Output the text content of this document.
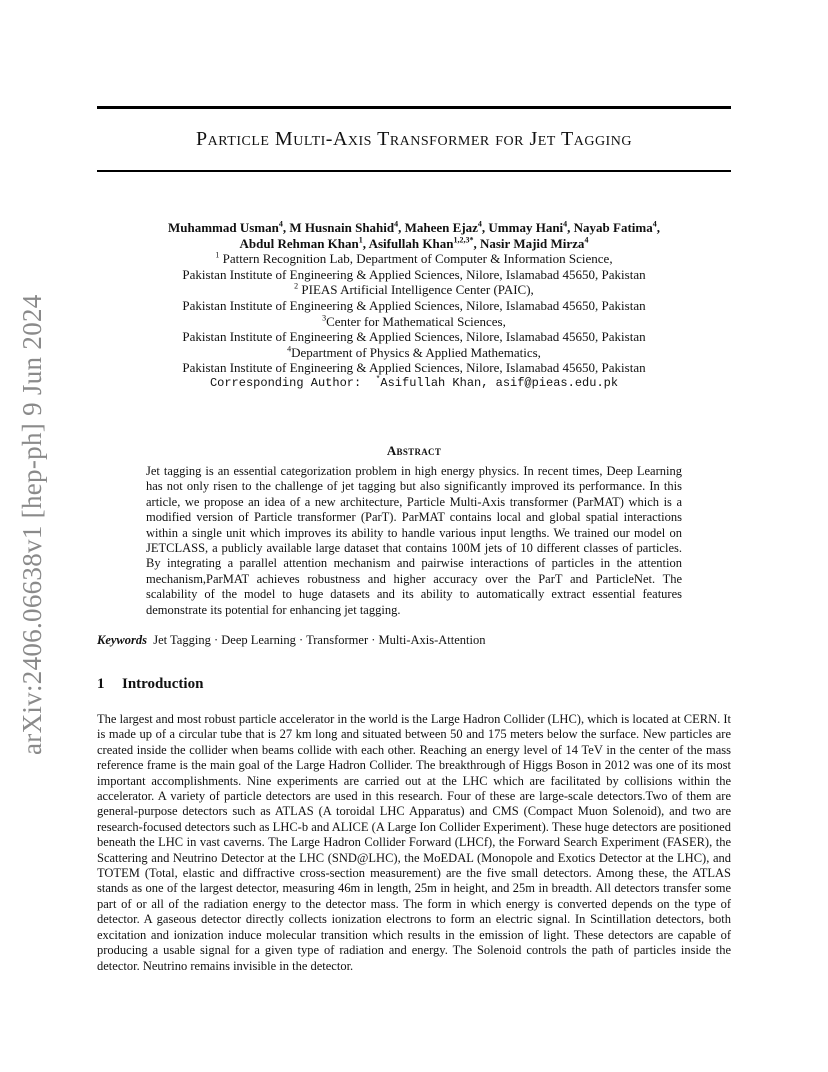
arXiv:2406.06638v1 [hep-ph] 9 Jun 2024
Particle Multi-Axis Transformer for Jet Tagging
Muhammad Usman$^4$, M Husnain Shahid$^4$, Maheen Ejaz$^4$, Ummay Hani$^4$, Nayab Fatima$^4$,
Abdul Rehman Khan$^1$, Asifullah Khan$^{1,2,3*}$, Nasir Majid Mirza$^4$
$^1$ Pattern Recognition Lab, Department of Computer & Information Science,
Pakistan Institute of Engineering & Applied Sciences, Nilore, Islamabad 45650, Pakistan
$^2$ PIEAS Artificial Intelligence Center (PAIC),
Pakistan Institute of Engineering & Applied Sciences, Nilore, Islamabad 45650, Pakistan
$^3$Center for Mathematical Sciences,
Pakistan Institute of Engineering & Applied Sciences, Nilore, Islamabad 45650, Pakistan
$^4$Department of Physics & Applied Mathematics,
Pakistan Institute of Engineering & Applied Sciences, Nilore, Islamabad 45650, Pakistan
Corresponding Author: *Asifullah Khan, asif@pieas.edu.pk
Abstract
Jet tagging is an essential categorization problem in high energy physics. In recent times, Deep Learning has not only risen to the challenge of jet tagging but also significantly improved its performance. In this article, we propose an idea of a new architecture, Particle Multi-Axis transformer (ParMAT) which is a modified version of Particle transformer (ParT). ParMAT contains local and global spatial interactions within a single unit which improves its ability to handle various input lengths. We trained our model on JETCLASS, a publicly available large dataset that contains 100M jets of 10 different classes of particles. By integrating a parallel attention mechanism and pairwise interactions of particles in the attention mechanism,ParMAT achieves robustness and higher accuracy over the ParT and ParticleNet. The scalability of the model to huge datasets and its ability to automatically extract essential features demonstrate its potential for enhancing jet tagging.
Keywords Jet Tagging · Deep Learning · Transformer · Multi-Axis-Attention
1 Introduction
The largest and most robust particle accelerator in the world is the Large Hadron Collider (LHC), which is located at CERN. It is made up of a circular tube that is 27 km long and situated between 50 and 175 meters below the surface. New particles are created inside the collider when beams collide with each other. Reaching an energy level of 14 TeV in the center of the mass reference frame is the main goal of the Large Hadron Collider. The breakthrough of Higgs Boson in 2012 was one of its most important accomplishments. Nine experiments are carried out at the LHC which are facilitated by collisions within the accelerator. A variety of particle detectors are used in this research. Four of these are large-scale detectors.Two of them are general-purpose detectors such as ATLAS (A toroidal LHC Apparatus) and CMS (Compact Muon Solenoid), and two are research-focused detectors such as LHC-b and ALICE (A Large Ion Collider Experiment). These huge detectors are positioned beneath the LHC in vast caverns. The Large Hadron Collider Forward (LHCf), the Forward Search Experiment (FASER), the Scattering and Neutrino Detector at the LHC (SND@LHC), the MoEDAL (Monopole and Exotics Detector at the LHC), and TOTEM (Total, elastic and diffractive cross-section measurement) are the five small detectors. Among these, the ATLAS stands as one of the largest detector, measuring 46m in length, 25m in height, and 25m in breadth. All detectors transfer some part of or all of the radiation energy to the detector mass. The form in which energy is converted depends on the type of detector. A gaseous detector directly collects ionization electrons to form an electric signal. In Scintillation detectors, both excitation and ionization induce molecular transition which results in the emission of light. These detectors are capable of producing a usable signal for a given type of radiation and energy. The Solenoid controls the path of particles inside the detector. Neutrino remains invisible in the detector.
